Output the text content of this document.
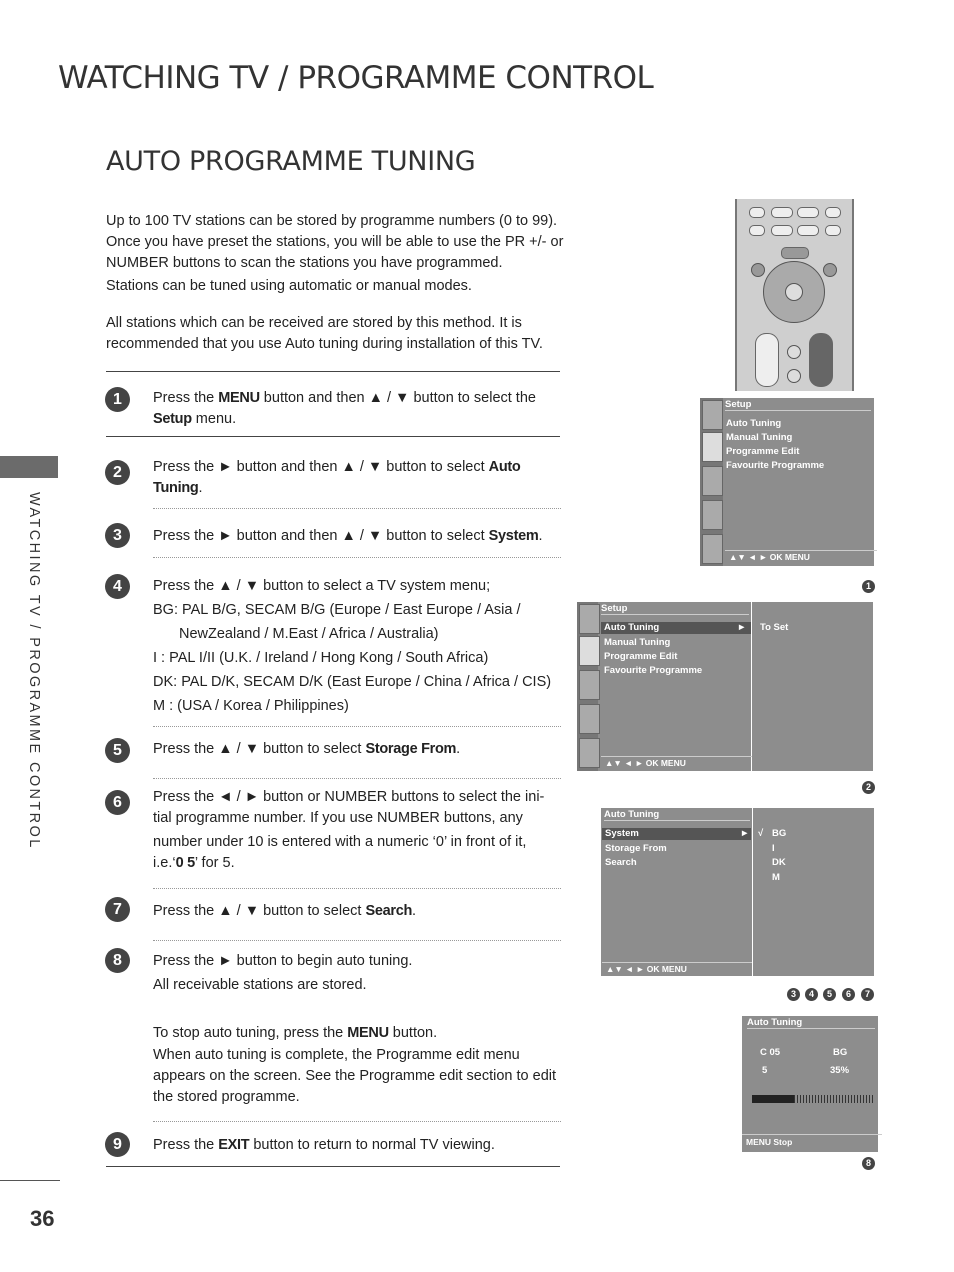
WATCHING TV / PROGRAMME CONTROL
WATCHING TV / PROGRAMME CONTROL
36
AUTO PROGRAMME TUNING
Up to 100 TV stations can be stored by programme numbers (0 to 99). Once you have preset the stations, you will be able to use the PR +/- or NUMBER buttons to scan the stations you have programmed.
Stations can be tuned using automatic or manual modes.
All stations which can be received are stored by this method. It is recommended that you use Auto tuning during installation of this TV.
1	Press the MENU button and then ▲ / ▼ button to select the Setup menu.
2	Press the ► button and then ▲ / ▼ button to select Auto Tuning.
3	Press the ► button and then ▲ / ▼ button to select System.
4	Press the ▲ / ▼ button to select a TV system menu;
BG: PAL B/G, SECAM B/G (Europe / East Europe / Asia /
NewZealand / M.East / Africa / Australia)
I : PAL I/II (U.K. / Ireland / Hong Kong / South Africa)
DK: PAL D/K, SECAM D/K (East Europe / China / Africa / CIS)
M : (USA / Korea / Philippines)
5	Press the ▲ / ▼ button to select Storage From.
6	Press the ◄ / ► button or NUMBER buttons to select the ini-
tial programme number. If you use NUMBER buttons, any
number under 10 is entered with a numeric ‘0’ in front of it,
i.e.‘0 5’ for 5.
7	Press the ▲ / ▼ button to select Search.
8	Press the ► button to begin auto tuning.
All receivable stations are stored.
To stop auto tuning, press the MENU button.
When auto tuning is complete, the Programme edit menu appears on the screen. See the Programme edit section to edit the stored programme.
9	Press the EXIT button to return to normal TV viewing.
Setup
Auto Tuning
Manual Tuning
Programme Edit
Favourite Programme
▲▼ ◄ ► OK MENU
1
Setup
Auto Tuning	►
Manual Tuning
Programme Edit
Favourite Programme
▲▼ ◄ ► OK MENU
To Set
2
Auto Tuning
System	►
Storage From
Search
▲▼ ◄ ► OK MENU
√ BG
I
DK
M
3	4	5	6	7
Auto Tuning
C 05	BG
5	35%
MENU Stop
8
